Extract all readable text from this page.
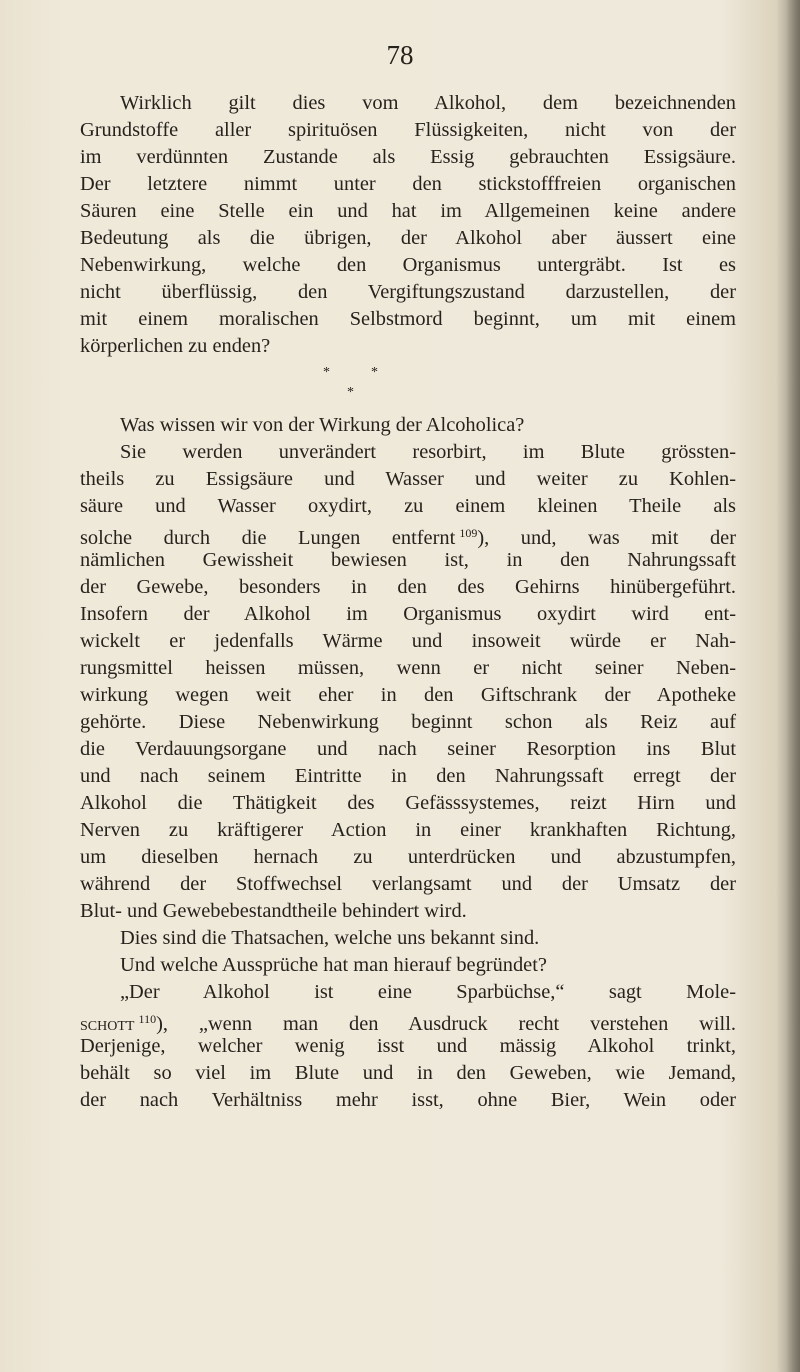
78
Wirklich gilt dies vom Alkohol, dem bezeichnenden
Grundstoffe aller spirituösen Flüssigkeiten, nicht von der
im verdünnten Zustande als Essig gebrauchten Essigsäure.
Der letztere nimmt unter den stickstofffreien organischen
Säuren eine Stelle ein und hat im Allgemeinen keine andere
Bedeutung als die übrigen, der Alkohol aber äussert eine
Nebenwirkung, welche den Organismus untergräbt. Ist es
nicht überflüssig, den Vergiftungszustand darzustellen, der
mit einem moralischen Selbstmord beginnt, um mit einem
körperlichen zu enden?
*	*
*
Was wissen wir von der Wirkung der Alcoholica?
Sie werden unverändert resorbirt, im Blute grössten-
theils zu Essigsäure und Wasser und weiter zu Kohlen-
säure und Wasser oxydirt, zu einem kleinen Theile als
solche durch die Lungen entfernt  $^{109}$), und, was mit der
nämlichen Gewissheit bewiesen ist, in den Nahrungssaft
der Gewebe, besonders in den des Gehirns hinübergeführt.
Insofern der Alkohol im Organismus oxydirt wird ent-
wickelt er jedenfalls Wärme und insoweit würde er Nah-
rungsmittel heissen müssen, wenn er nicht seiner Neben-
wirkung wegen weit eher in den Giftschrank der Apotheke
gehörte. Diese Nebenwirkung beginnt schon als Reiz auf
die Verdauungsorgane und nach seiner Resorption ins Blut
und nach seinem Eintritte in den Nahrungssaft erregt der
Alkohol die Thätigkeit des Gefässsystemes, reizt Hirn und
Nerven zu kräftigerer Action in einer krankhaften Richtung,
um dieselben hernach zu unterdrücken und abzustumpfen,
während der Stoffwechsel verlangsamt und der Umsatz der
Blut- und Gewebebestandtheile behindert wird.
Dies sind die Thatsachen, welche uns bekannt sind.
Und welche Aussprüche hat man hierauf begründet?
„Der Alkohol ist eine Sparbüchse,“ sagt Mole-
schott  $^{110}$), „wenn man den Ausdruck recht verstehen will.
Derjenige, welcher wenig isst und mässig Alkohol trinkt,
behält so viel im Blute und in den Geweben, wie Jemand,
der nach Verhältniss mehr isst, ohne Bier, Wein oder
